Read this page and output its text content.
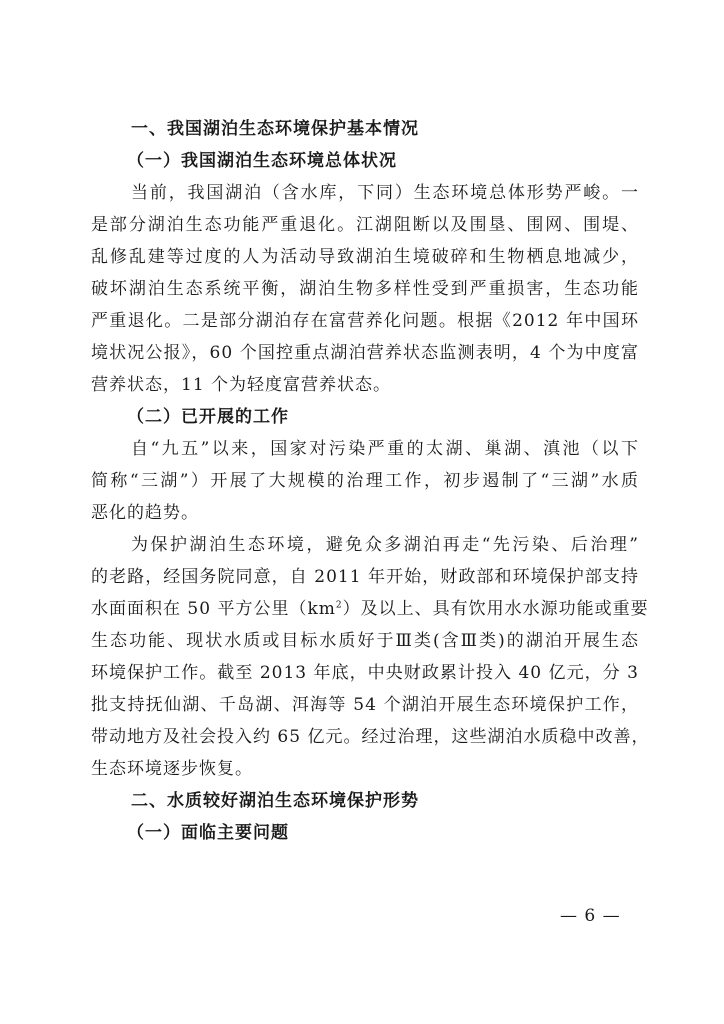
一、我国湖泊生态环境保护基本情况
（一）我国湖泊生态环境总体状况
当前，我国湖泊（含水库，下同）生态环境总体形势严峻。一
是部分湖泊生态功能严重退化。江湖阻断以及围垦、围网、围堤、
乱修乱建等过度的人为活动导致湖泊生境破碎和生物栖息地减少，
破坏湖泊生态系统平衡，湖泊生物多样性受到严重损害，生态功能
严重退化。二是部分湖泊存在富营养化问题。根据《2012 年中国环
境状况公报》，60 个国控重点湖泊营养状态监测表明，4 个为中度富
营养状态，11 个为轻度富营养状态。
（二）已开展的工作
自“九五”以来，国家对污染严重的太湖、巢湖、滇池（以下
简称“三湖”）开展了大规模的治理工作，初步遏制了“三湖”水质
恶化的趋势。
为保护湖泊生态环境，避免众多湖泊再走“先污染、后治理”
的老路，经国务院同意，自 2011 年开始，财政部和环境保护部支持
水面面积在 50 平方公里$(km^2)$及以上、具有饮用水水源功能或重要
生态功能、现状水质或目标水质好于Ⅲ类(含Ⅲ类)的湖泊开展生态
环境保护工作。截至 2013 年底，中央财政累计投入 40 亿元，分 3
批支持抚仙湖、千岛湖、洱海等 54 个湖泊开展生态环境保护工作，
带动地方及社会投入约 65 亿元。经过治理，这些湖泊水质稳中改善，
生态环境逐步恢复。
二、水质较好湖泊生态环境保护形势
（一）面临主要问题
— 6 —
